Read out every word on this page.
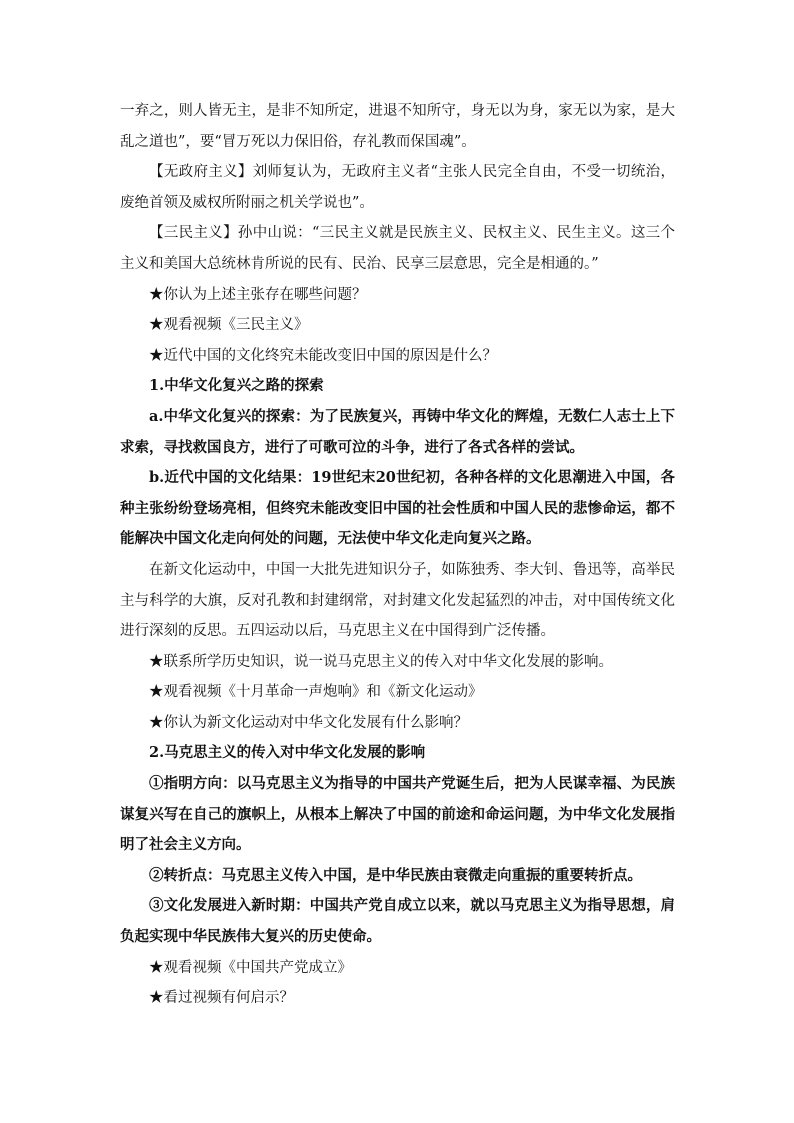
一弃之，则人皆无主，是非不知所定，进退不知所守，身无以为身，家无以为家，是大乱之道也”，要“冒万死以力保旧俗，存礼教而保国魂”。

【无政府主义】刘师复认为，无政府主义者“主张人民完全自由，不受一切统治，废绝首领及威权所附丽之机关学说也”。

【三民主义】孙中山说：“三民主义就是民族主义、民权主义、民生主义。这三个主义和美国大总统林肯所说的民有、民治、民享三层意思，完全是相通的。”

★你认为上述主张存在哪些问题？

★观看视频《三民主义》

★近代中国的文化终究未能改变旧中国的原因是什么？

1.中华文化复兴之路的探索

a.中华文化复兴的探索：为了民族复兴，再铸中华文化的辉煌，无数仁人志士上下求索，寻找救国良方，进行了可歌可泣的斗争，进行了各式各样的尝试。

b.近代中国的文化结果：19世纪末20世纪初，各种各样的文化思潮进入中国，各种主张纷纷登场亮相，但终究未能改变旧中国的社会性质和中国人民的悲惨命运，都不能解决中国文化走向何处的问题，无法使中华文化走向复兴之路。

在新文化运动中，中国一大批先进知识分子，如陈独秀、李大钊、鲁迅等，高举民主与科学的大旗，反对孔教和封建纲常，对封建文化发起猛烈的冲击，对中国传统文化进行深刻的反思。五四运动以后，马克思主义在中国得到广泛传播。

★联系所学历史知识，说一说马克思主义的传入对中华文化发展的影响。

★观看视频《十月革命一声炮响》和《新文化运动》

★你认为新文化运动对中华文化发展有什么影响？

2.马克思主义的传入对中华文化发展的影响

①指明方向：以马克思主义为指导的中国共产党诞生后，把为人民谋幸福、为民族谋复兴写在自己的旗帜上，从根本上解决了中国的前途和命运问题，为中华文化发展指明了社会主义方向。

②转折点：马克思主义传入中国，是中华民族由衰微走向重振的重要转折点。

③文化发展进入新时期：中国共产党自成立以来，就以马克思主义为指导思想，肩负起实现中华民族伟大复兴的历史使命。

★观看视频《中国共产党成立》

★看过视频有何启示？
